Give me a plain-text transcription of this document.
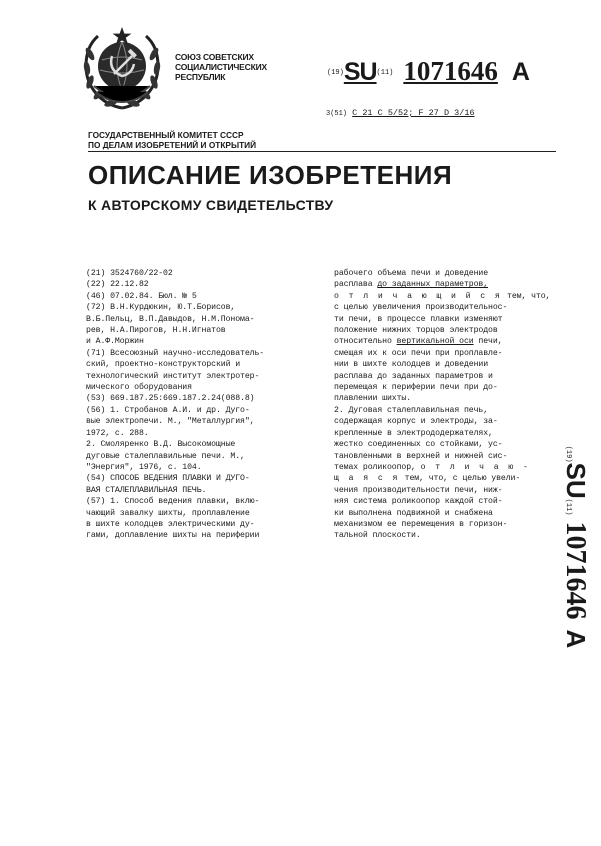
СОЮЗ СОВЕТСКИХ
СОЦИАЛИСТИЧЕСКИХ
РЕСПУБЛИК	$^{(19)}$SU$^{(11)}$ 1071646 A
3(51) C 21 C 5/52; F 27 D 3/16
ГОСУДАРСТВЕННЫЙ КОМИТЕТ СССР
ПО ДЕЛАМ ИЗОБРЕТЕНИЙ И ОТКРЫТИЙ
ОПИСАНИЕ ИЗОБРЕТЕНИЯ
К АВТОРСКОМУ СВИДЕТЕЛЬСТВУ
(21) 3524760/22-02
(22) 22.12.82
(46) 07.02.84. Бюл. № 5
(72) В.Н.Курдюкин, Ю.Т.Борисов,
В.Б.Пельц, В.П.Давыдов, Н.М.Пономa-
рев, Н.А.Пирогов, Н.Н.Игнатов
и А.Ф.Моржин
(71) Всесоюзный научно-исследователь-
ский, проектно-конструкторский и
технологический институт электротер-
мического оборудования
(53) 669.187.25:669.187.2.24(088.8)
(56) 1. Стробанов А.И. и др. Дуго-
вые электропечи. М., "Металлургия",
1972, с. 288.
2. Смоляренко В.Д. Высокомощные
дуговые сталеплавильные печи. М.,
"Энергия", 1976, с. 104.
(54) СПОСОБ ВЕДЕНИЯ ПЛАВКИ И ДУГО-
ВАЯ СТАЛЕПЛАВИЛЬНАЯ ПЕЧЬ.
(57) 1. Способ ведения плавки, вклю-
чающий завалку шихты, проплавление
в шихте колодцев электрическими ду-
гами, доплавление шихты на периферии
рабочего объема печи и доведение
расплава до заданных параметров,
о т л и ч а ю щ и й с я тем, что,
с целью увеличения производительнос-
ти печи, в процессе плавки изменяют
положение нижних торцов электродов
относительно вертикальной оси печи,
смещая их к оси печи при проплавле-
нии в шихте колодцев и доведении
расплава до заданных параметров и
перемещая к периферии печи при до-
плавлении шихты.
2. Дуговая сталеплавильная печь,
содержащая корпус и электроды, за-
крепленные в электрододержателях,
жестко соединенных со стойками, ус-
тановленными в верхней и нижней сис-
темах роликоопор, о т л и ч а ю -
щ а я с я тем, что, с целью увели-
чения производительности печи, ниж-
няя система роликоопор каждой стой-
ки выполнена подвижной и снабжена
механизмом ее перемещения в горизон-
тальной плоскости.
(19)SU(11)1071646A
